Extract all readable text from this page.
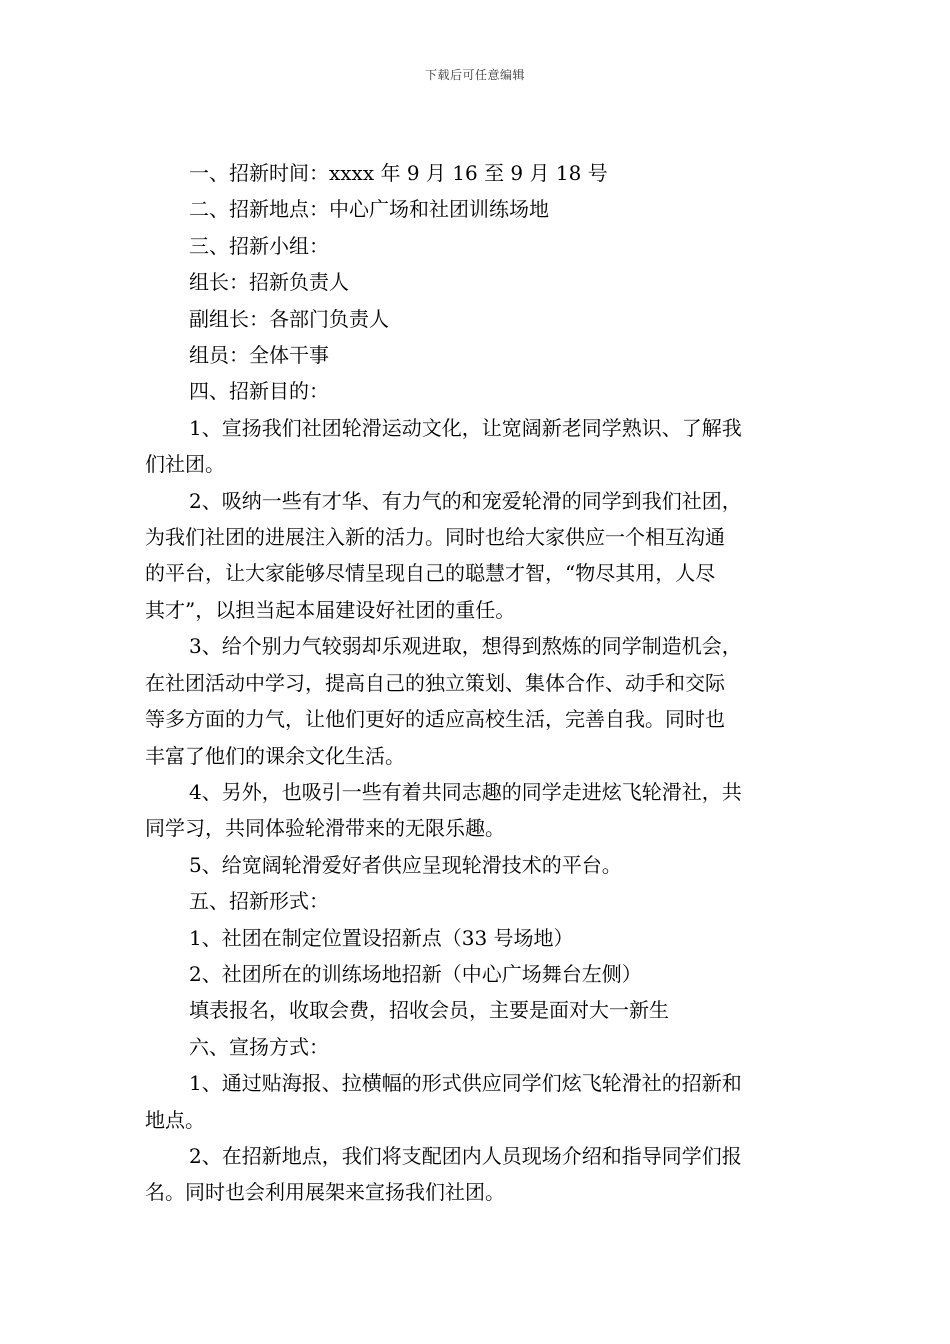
下载后可任意编辑

一、招新时间：xxxx 年 9 月 16 至 9 月 18 号

二、招新地点：中心广场和社团训练场地

三、招新小组：

组长：招新负责人

副组长：各部门负责人

组员：全体干事

四、招新目的：

1、宣扬我们社团轮滑运动文化，让宽阔新老同学熟识、了解我
们社团。

2、吸纳一些有才华、有力气的和宠爱轮滑的同学到我们社团，
为我们社团的进展注入新的活力。同时也给大家供应一个相互沟通
的平台，让大家能够尽情呈现自己的聪慧才智，“物尽其用，人尽
其才”，以担当起本届建设好社团的重任。

3、给个别力气较弱却乐观进取，想得到熬炼的同学制造机会，
在社团活动中学习，提高自己的独立策划、集体合作、动手和交际
等多方面的力气，让他们更好的适应高校生活，完善自我。同时也
丰富了他们的课余文化生活。

4、另外，也吸引一些有着共同志趣的同学走进炫飞轮滑社，共
同学习，共同体验轮滑带来的无限乐趣。

5、给宽阔轮滑爱好者供应呈现轮滑技术的平台。

五、招新形式：

1、社团在制定位置设招新点（33 号场地）

2、社团所在的训练场地招新（中心广场舞台左侧）

填表报名，收取会费，招收会员，主要是面对大一新生

六、宣扬方式：

1、通过贴海报、拉横幅的形式供应同学们炫飞轮滑社的招新和
地点。

2、在招新地点，我们将支配团内人员现场介绍和指导同学们报
名。同时也会利用展架来宣扬我们社团。
